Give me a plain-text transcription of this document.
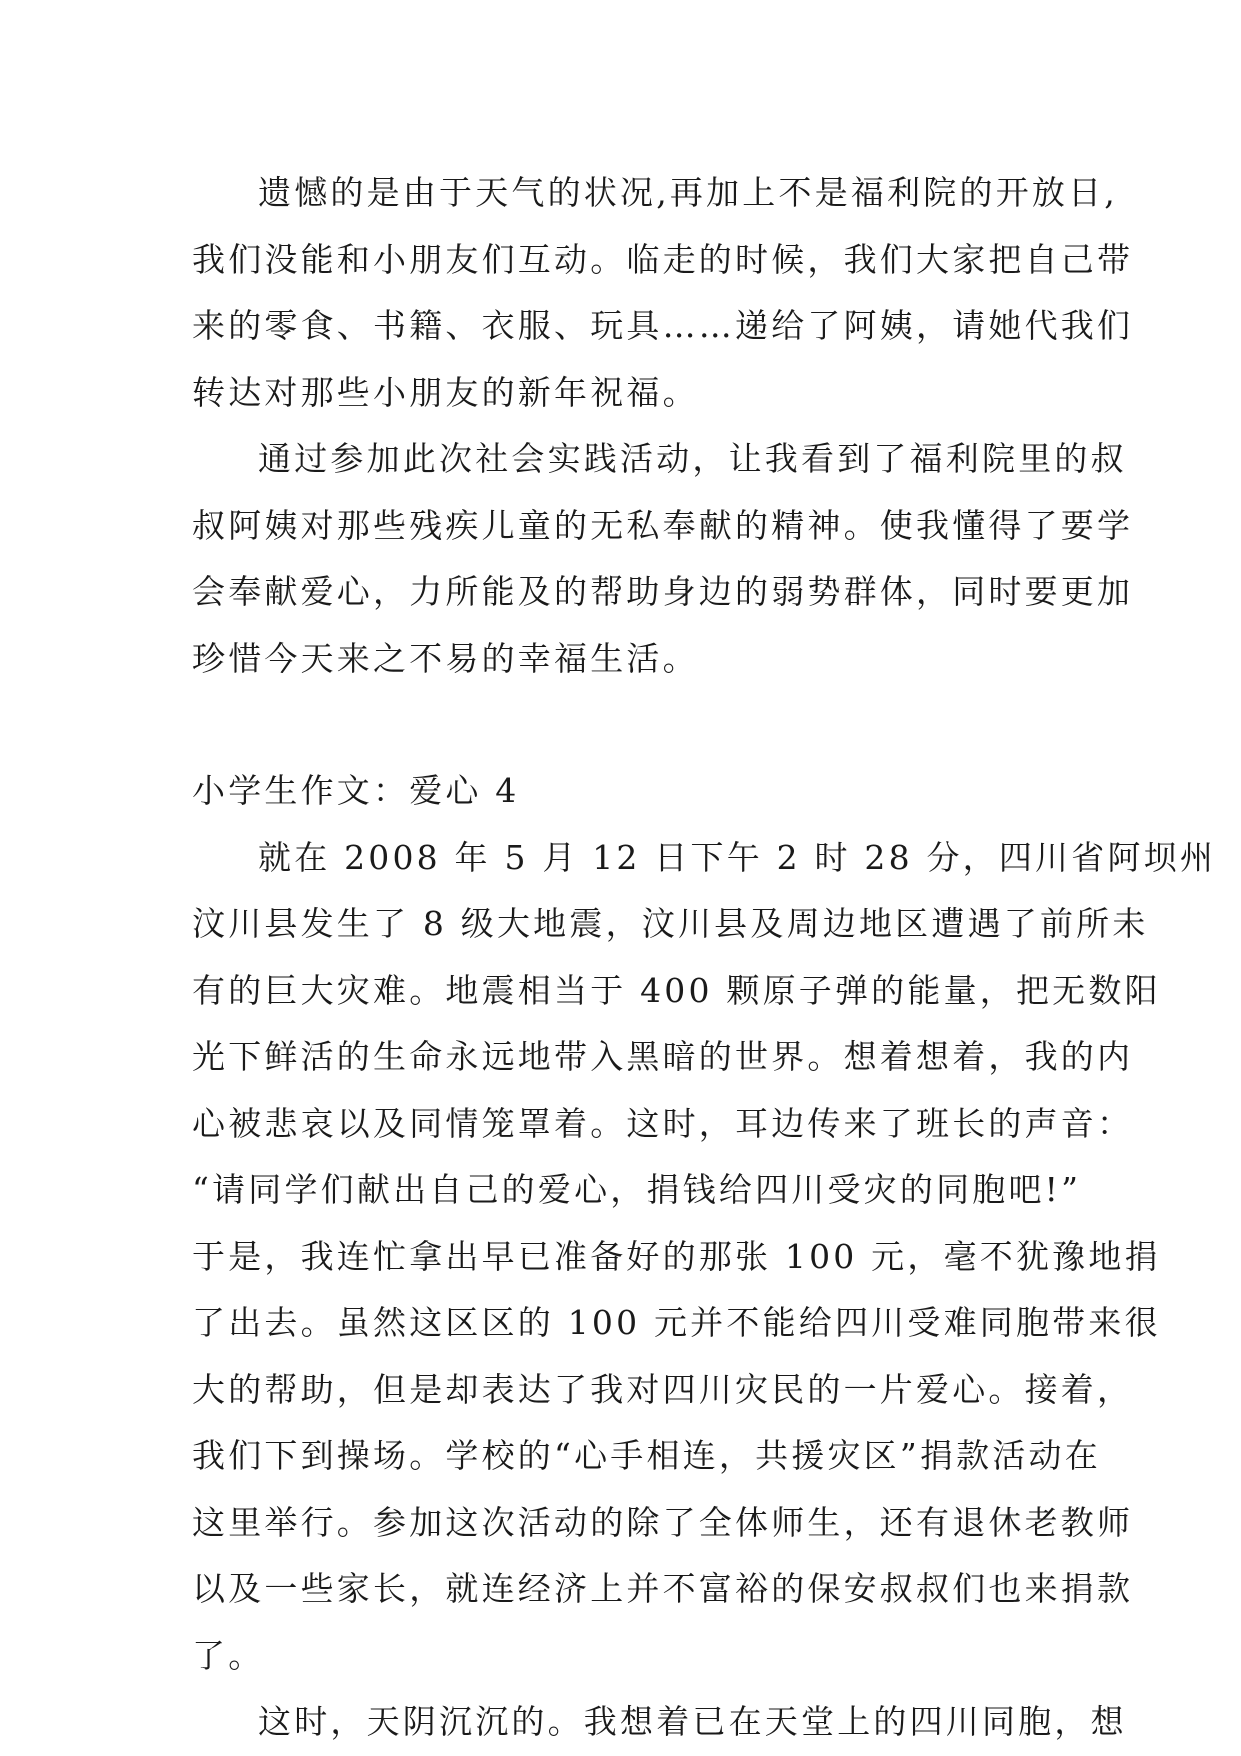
遗憾的是由于天气的状况,再加上不是福利院的开放日,
我们没能和小朋友们互动。临走的时候，我们大家把自己带
来的零食、书籍、衣服、玩具……递给了阿姨，请她代我们
转达对那些小朋友的新年祝福。
通过参加此次社会实践活动，让我看到了福利院里的叔
叔阿姨对那些残疾儿童的无私奉献的精神。使我懂得了要学
会奉献爱心，力所能及的帮助身边的弱势群体，同时要更加
珍惜今天来之不易的幸福生活。
小学生作文：爱心 4
就在 2008 年 5 月 12 日下午 2 时 28 分，四川省阿坝州
汶川县发生了 8 级大地震，汶川县及周边地区遭遇了前所未
有的巨大灾难。地震相当于 400 颗原子弹的能量，把无数阳
光下鲜活的生命永远地带入黑暗的世界。想着想着，我的内
心被悲哀以及同情笼罩着。这时，耳边传来了班长的声音：
“请同学们献出自己的爱心，捐钱给四川受灾的同胞吧!”
于是，我连忙拿出早已准备好的那张 100 元，毫不犹豫地捐
了出去。虽然这区区的 100 元并不能给四川受难同胞带来很
大的帮助，但是却表达了我对四川灾民的一片爱心。接着，
我们下到操场。学校的“心手相连，共援灾区”捐款活动在
这里举行。参加这次活动的除了全体师生，还有退休老教师
以及一些家长，就连经济上并不富裕的保安叔叔们也来捐款
了。
这时，天阴沉沉的。我想着已在天堂上的四川同胞，想
